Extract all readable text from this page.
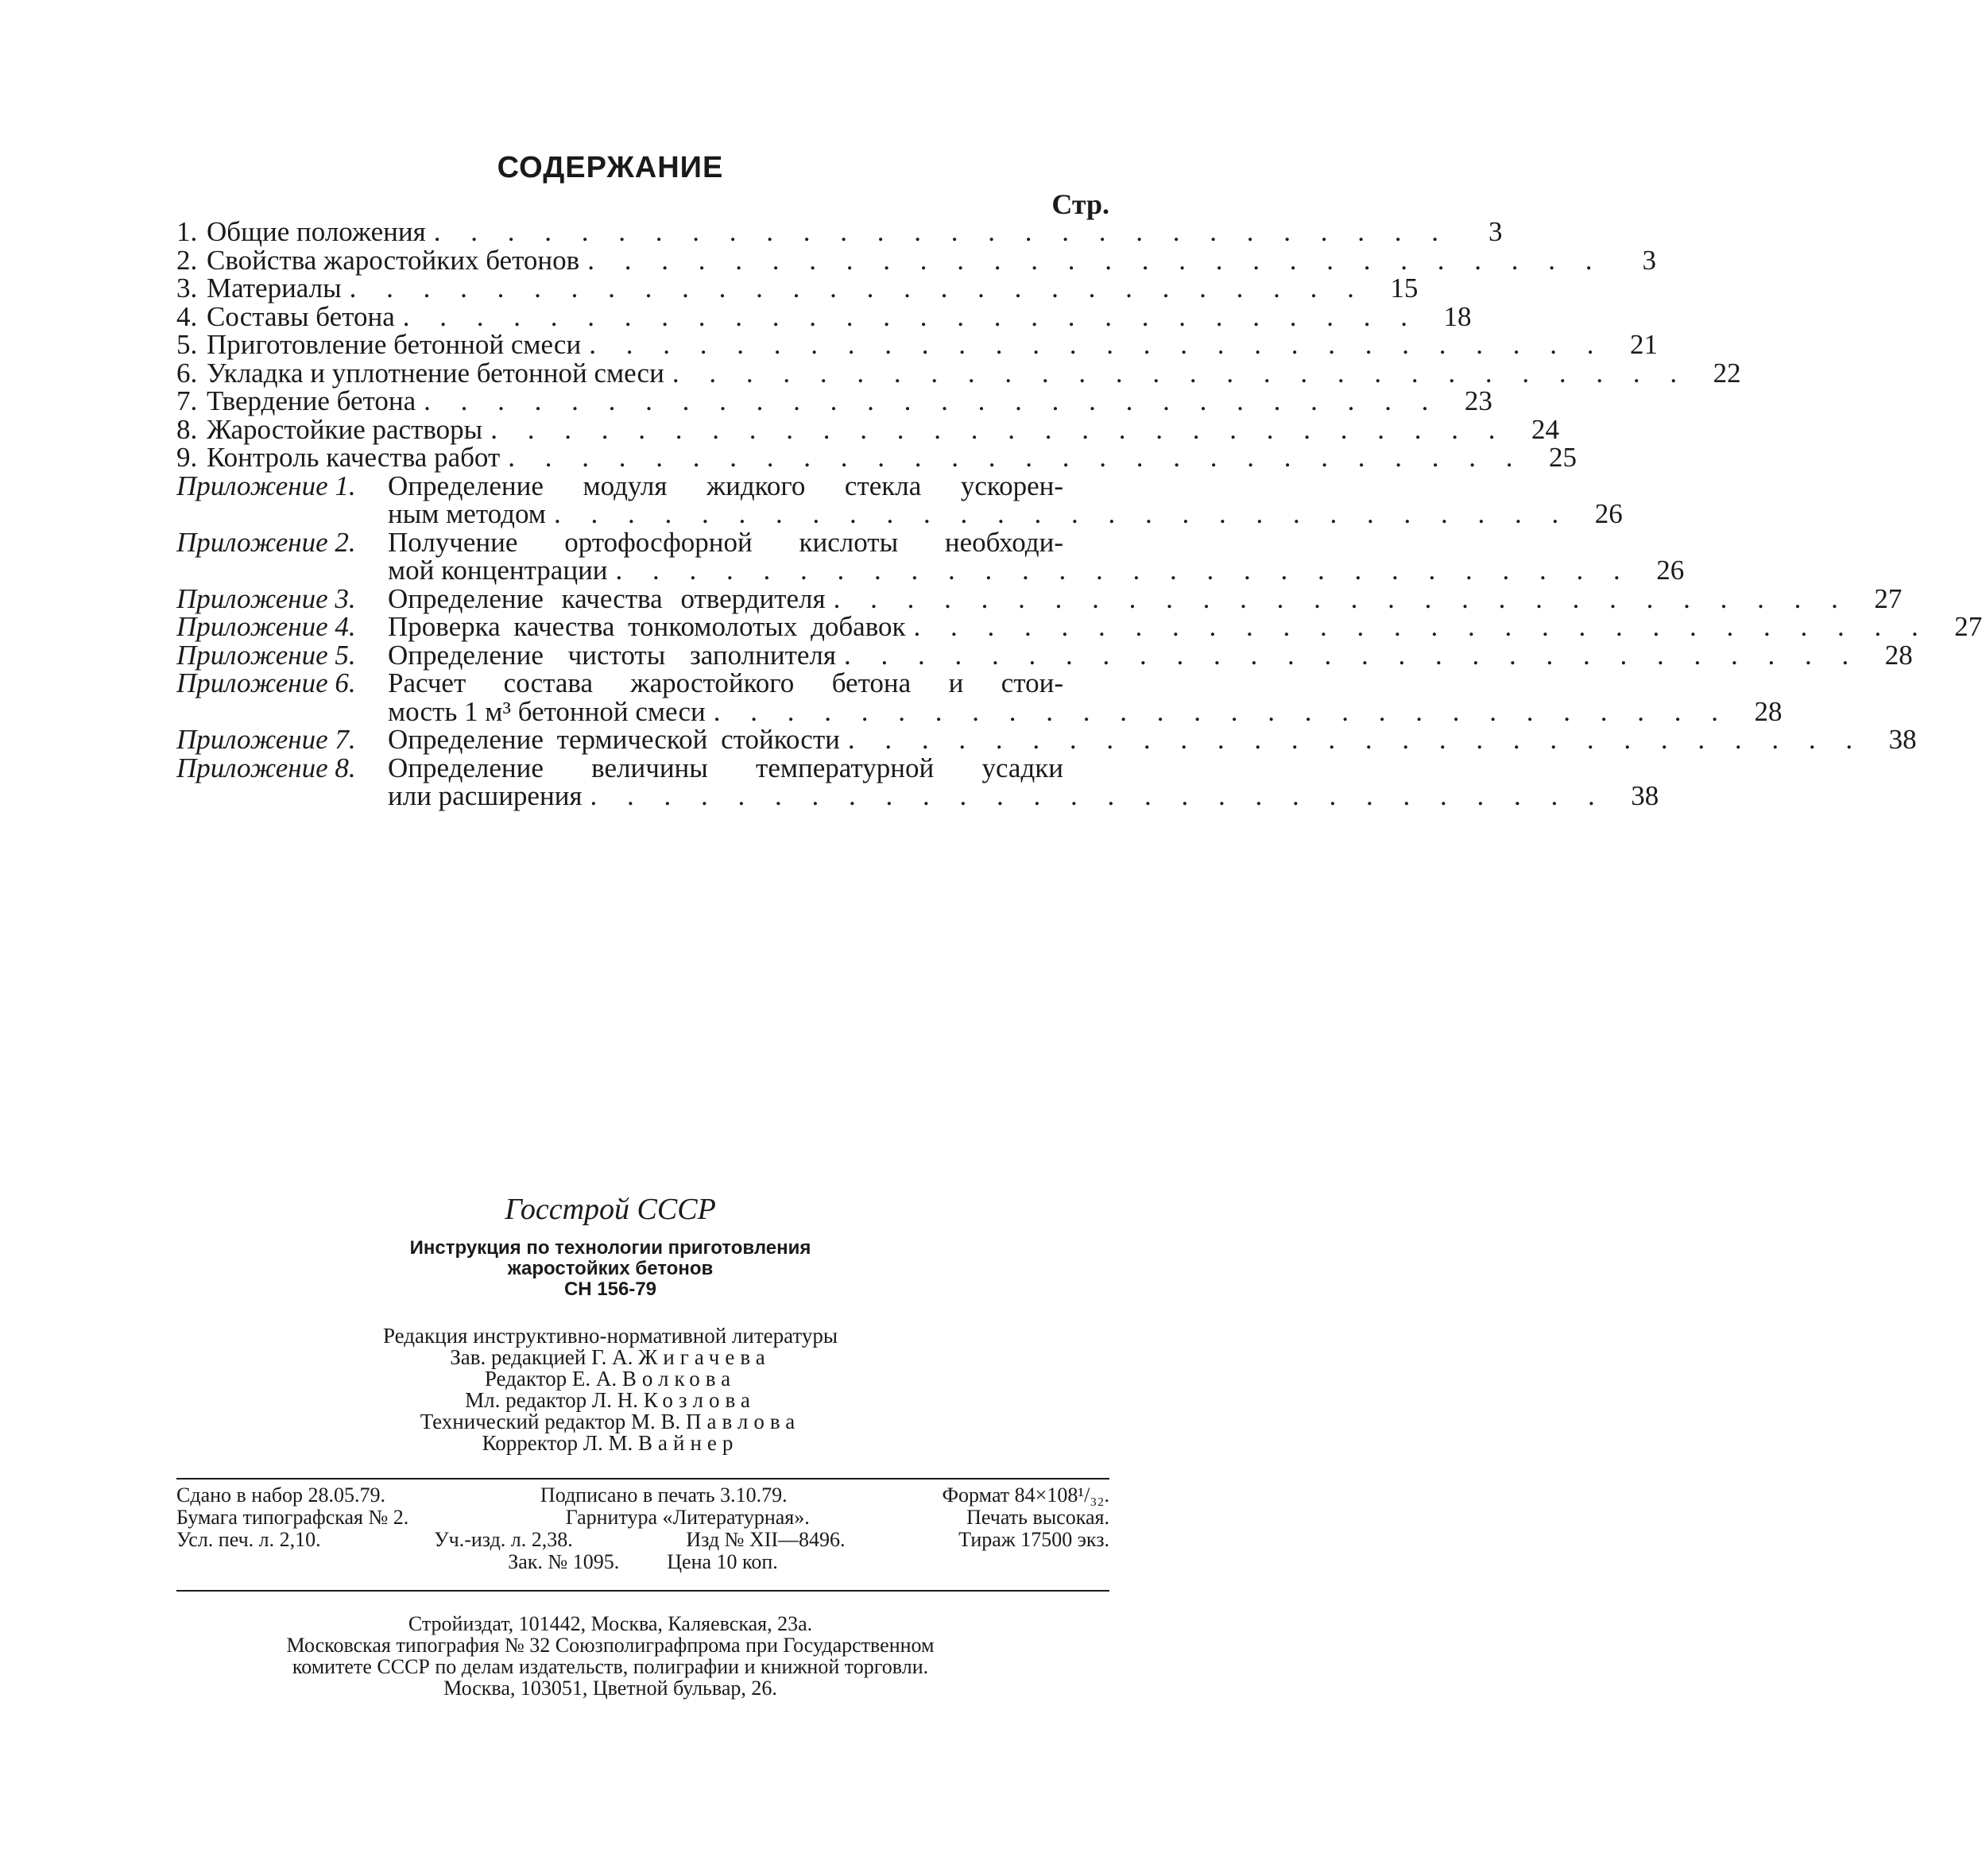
СОДЕРЖАНИЕ
Стр.
1. Общие положения . . . . . . . . . . . . . . . . . . . . . . . . . . . .	3
2. Свойства жаростойких бетонов . . . . . . . . . . . . . . . . . . . . . . . . . . . .	3
3. Материалы . . . . . . . . . . . . . . . . . . . . . . . . . . . . 15
4. Составы бетона . . . . . . . . . . . . . . . . . . . . . . . . . . . . 18
5. Приготовление бетонной смеси . . . . . . . . . . . . . . . . . . . . . . . . . . . . 21
6. Укладка и уплотнение бетонной смеси . . . . . . . . . . . . . . . . . . . . . . . . . . . . 22
7. Твердение бетона . . . . . . . . . . . . . . . . . . . . . . . . . . . . 23
8. Жаростойкие растворы . . . . . . . . . . . . . . . . . . . . . . . . . . . . 24
9. Контроль качества работ . . . . . . . . . . . . . . . . . . . . . . . . . . . . 25
Приложение 1.	Определение модуля жидкого стекла ускорен-
ным методом . . . . . . . . . . . . . . . . . . . . . . . . . . . . 26
Приложение 2.	Получение ортофосфорной кислоты необходи-
мой концентрации . . . . . . . . . . . . . . . . . . . . . . . . . . . . 26
Приложение 3.	Определение качества отвердителя . . . . . . . . . . . . . . . . . . . . . . . . . . . . 27
Приложение 4.	Проверка качества тонкомолотых добавок . . . . . . . . . . . . . . . . . . . . . . . . . . . . 27
Приложение 5.	Определение чистоты заполнителя . . . . . . . . . . . . . . . . . . . . . . . . . . . . 28
Приложение 6.	Расчет состава жаростойкого бетона и стои-
мость 1 м³ бетонной смеси . . . . . . . . . . . . . . . . . . . . . . . . . . . . 28
Приложение 7.	Определение термической стойкости . . . . . . . . . . . . . . . . . . . . . . . . . . . . 38
Приложение 8.	Определение величины температурной усадки
или расширения . . . . . . . . . . . . . . . . . . . . . . . . . . . . 38
Госстрой СССР
Инструкция по технологии приготовления
жаростойких бетонов
СН 156-79
Редакция инструктивно-нормативной литературы
Зав. редакцией Г. А. Жигачева
Редактор Е. А. Волкова
Мл. редактор Л. Н. Козлова
Технический редактор М. В. Павлова
Корректор Л. М. Вайнер
Сдано в набор 28.05.79.	Подписано в печать 3.10.79.	Формат 84×108¹/₃₂.
Бумага типографская № 2.	Гарнитура «Литературная».	Печать высокая.
Усл. печ. л. 2,10.	Уч.-изд. л. 2,38.	Изд № XII—8496.	Тираж 17500 экз.
Зак. № 1095. Цена 10 коп.
Стройиздат, 101442, Москва, Каляевская, 23а.
Московская типография № 32 Союзполиграфпрома при Государственном
комитете СССР по делам издательств, полиграфии и книжной торговли.
Москва, 103051, Цветной бульвар, 26.
